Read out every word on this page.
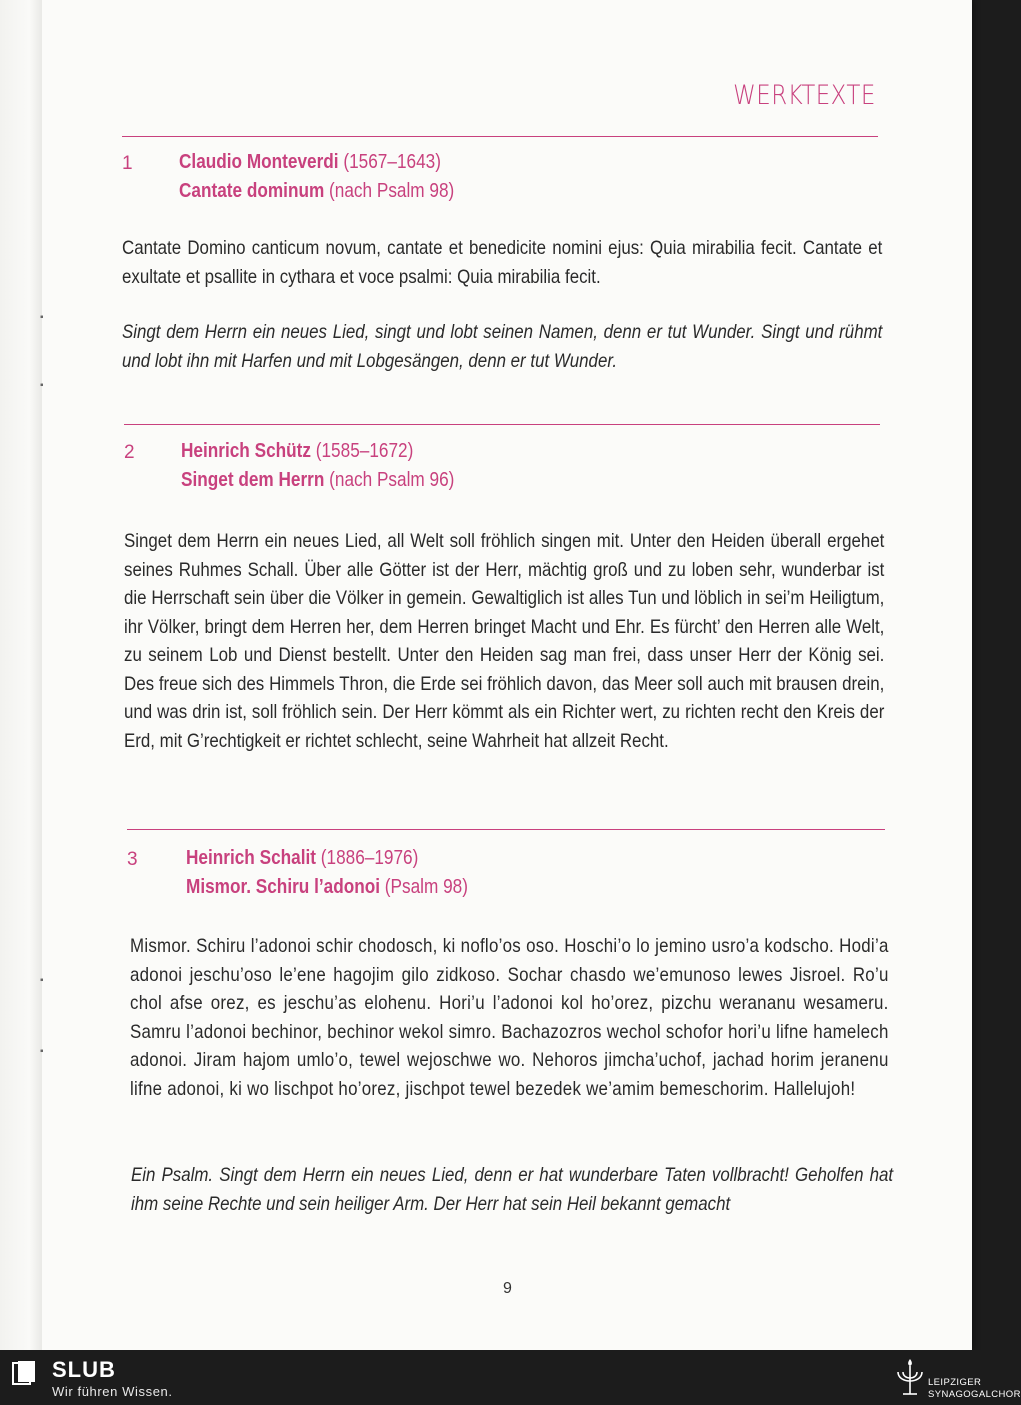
▪
▪
▪
▪
WERKTEXTE
1 Claudio Monteverdi (1567–1643)
Cantate dominum (nach Psalm 98)
Cantate Domino canticum novum, cantate et benedicite nomini ejus: Quia mirabilia fecit. Cantate et exultate et psallite in cythara et voce psalmi: Quia mirabilia fecit.
Singt dem Herrn ein neues Lied, singt und lobt seinen Namen, denn er tut Wunder. Singt und rühmt und lobt ihn mit Harfen und mit Lobgesängen, denn er tut Wunder.
2 Heinrich Schütz (1585–1672)
Singet dem Herrn (nach Psalm 96)
Singet dem Herrn ein neues Lied, all Welt soll fröhlich singen mit. Unter den Heiden überall ergehet seines Ruhmes Schall. Über alle Götter ist der Herr, mächtig groß und zu loben sehr, wunderbar ist die Herrschaft sein über die Völker in gemein. Gewaltiglich ist alles Tun und löblich in sei’m Heiligtum, ihr Völker, bringt dem Herren her, dem Herren bringet Macht und Ehr. Es fürcht’ den Herren alle Welt, zu seinem Lob und Dienst bestellt. Unter den Heiden sag man frei, dass unser Herr der König sei. Des freue sich des Himmels Thron, die Erde sei fröhlich davon, das Meer soll auch mit brausen drein, und was drin ist, soll fröhlich sein. Der Herr kömmt als ein Richter wert, zu richten recht den Kreis der Erd, mit G’rechtigkeit er richtet schlecht, seine Wahrheit hat allzeit Recht.
3 Heinrich Schalit (1886–1976)
Mismor. Schiru l’adonoi (Psalm 98)
Mismor. Schiru l’adonoi schir chodosch, ki noflo’os oso. Hoschi’o lo jemino usro’a kodscho. Hodi’a adonoi jeschu’oso le’ene hagojim gilo zidkoso. Sochar chasdo we’emunoso lewes Jisroel. Ro’u chol afse orez, es jeschu’as elohenu. Hori’u l’adonoi kol ho’orez, pizchu werananu wesameru. Samru l’adonoi bechinor, bechinor wekol simro. Bachazozros wechol schofor hori’u lifne hamelech adonoi. Jiram hajom umlo’o, tewel wejoschwe wo. Nehoros jimcha’uchof, jachad horim jeranenu lifne adonoi, ki wo lischpot ho’orez, jischpot tewel bezedek we’amim bemeschorim. Hallelujoh!
Ein Psalm. Singt dem Herrn ein neues Lied, denn er hat wunderbare Taten vollbracht! Geholfen hat ihm seine Rechte und sein heiliger Arm. Der Herr hat sein Heil bekannt gemacht
9
SLUB
Wir führen Wissen.
LEIPZIGER
SYNAGOGALCHOR
